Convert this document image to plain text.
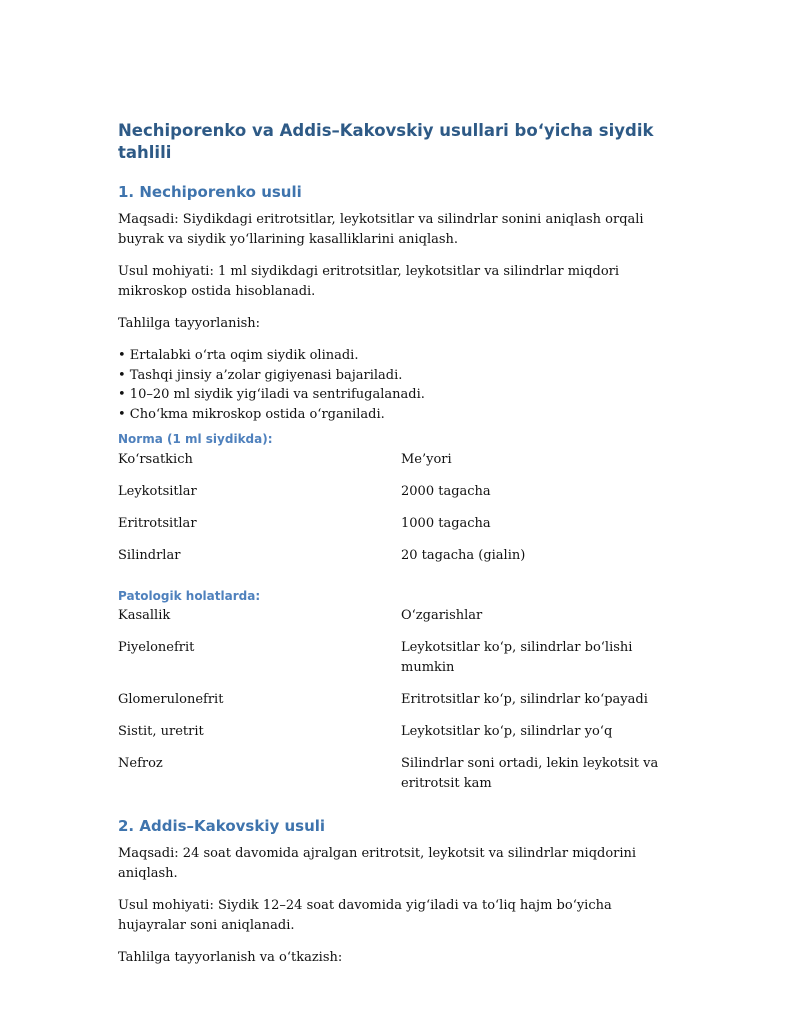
Nechiporenko va Addis–Kakovskiy usullari bo‘yicha siydik tahlili
1. Nechiporenko usuli

Maqsadi: Siydikdagi eritrotsitlar, leykotsitlar va silindrlar sonini aniqlash orqali buyrak va siydik yo‘llarining kasalliklarini aniqlash.

Usul mohiyati: 1 ml siydikdagi eritrotsitlar, leykotsitlar va silindrlar miqdori mikroskop ostida hisoblanadi.

Tahlilga tayyorlanish:

• Ertalabki o‘rta oqim siydik olinadi.
• Tashqi jinsiy a’zolar gigiyenasi bajariladi.
• 10–20 ml siydik yig‘iladi va sentrifugalanadi.
• Cho‘kma mikroskop ostida o‘rganiladi.
Norma (1 ml siydikda):
Ko‘rsatkich	Me’yori
Leykotsitlar	2000 tagacha
Eritrotsitlar	1000 tagacha
Silindrlar	20 tagacha (gialin)
Patologik holatlarda:
Kasallik	O‘zgarishlar
Piyelonefrit	Leykotsitlar ko‘p, silindrlar bo‘lishi mumkin
Glomerulonefrit	Eritrotsitlar ko‘p, silindrlar ko‘payadi
Sistit, uretrit	Leykotsitlar ko‘p, silindrlar yo‘q
Nefroz	Silindrlar soni ortadi, lekin leykotsit va eritrotsit kam
2. Addis–Kakovskiy usuli

Maqsadi: 24 soat davomida ajralgan eritrotsit, leykotsit va silindrlar miqdorini aniqlash.

Usul mohiyati: Siydik 12–24 soat davomida yig‘iladi va to‘liq hajm bo‘yicha hujayralar soni aniqlanadi.

Tahlilga tayyorlanish va o‘tkazish:
